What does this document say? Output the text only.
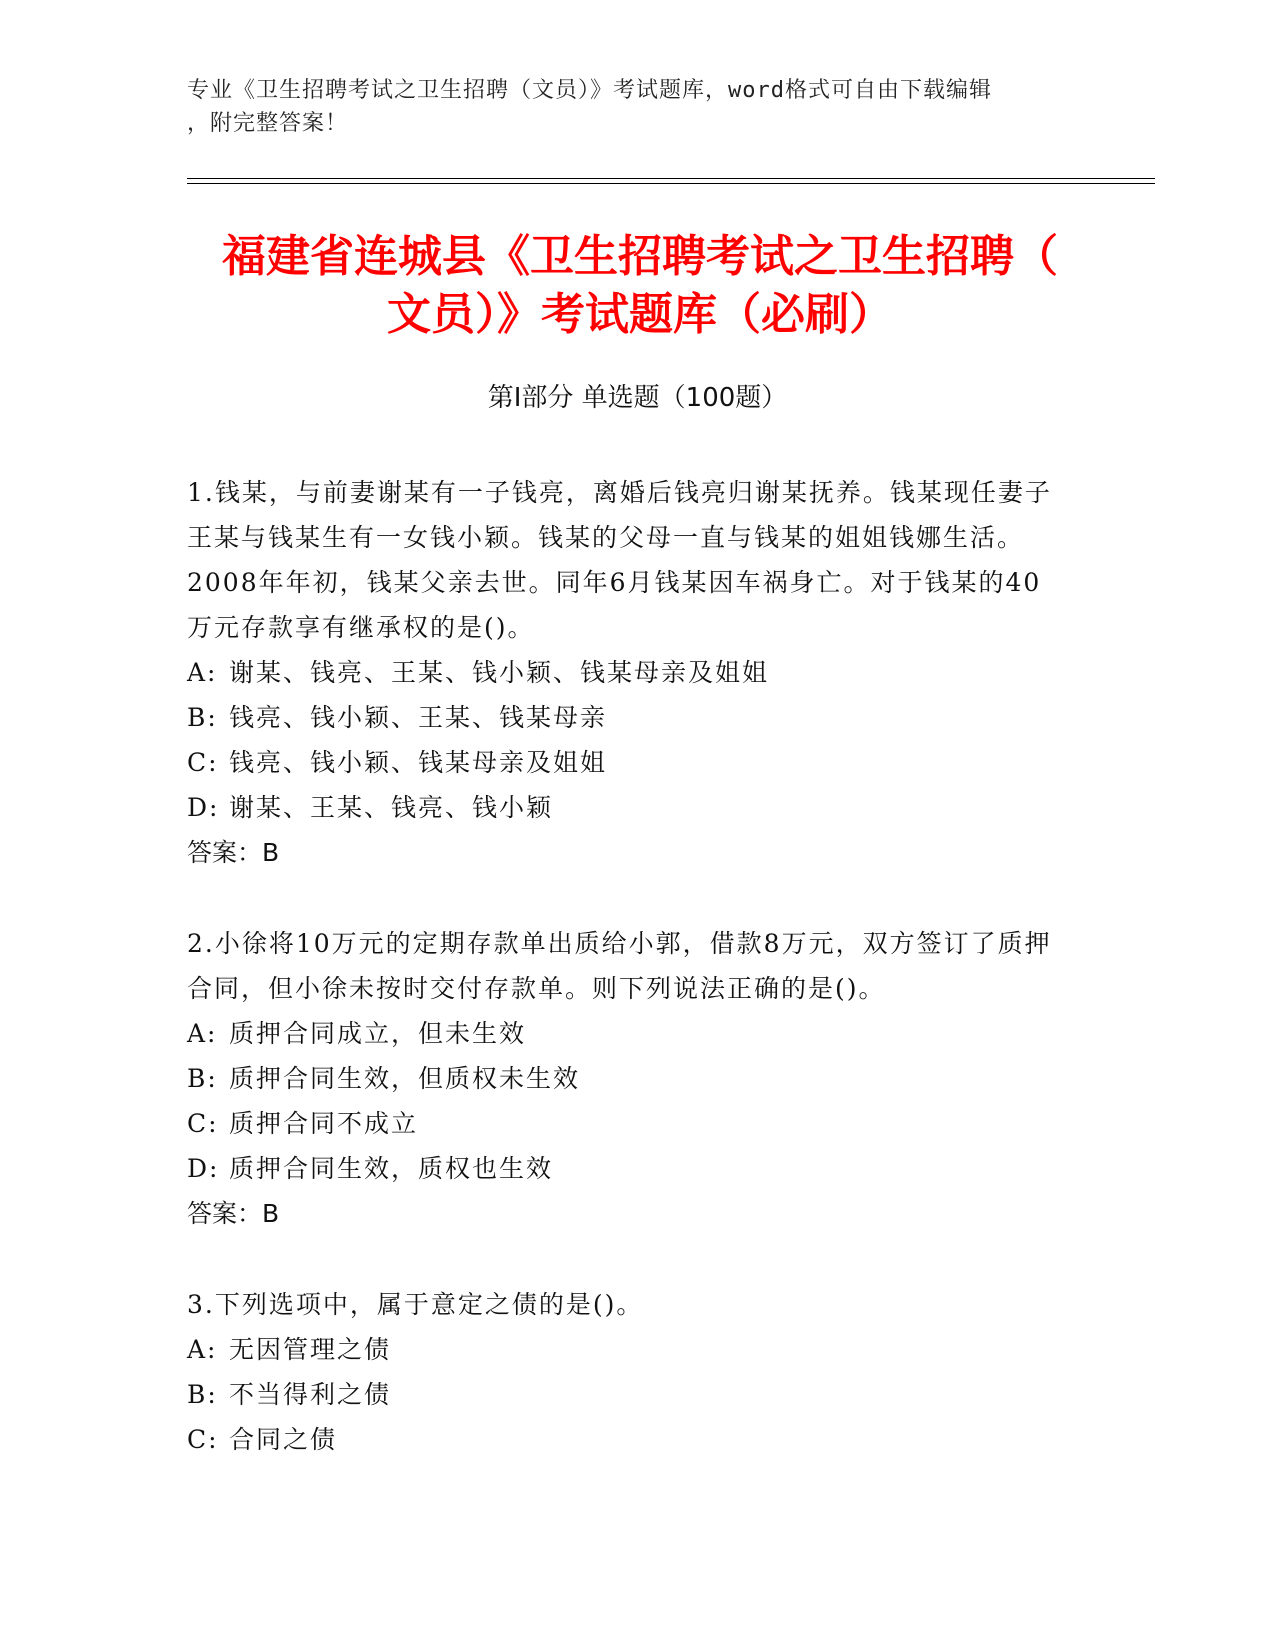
专业《卫生招聘考试之卫生招聘（文员）》考试题库，word格式可自由下载编辑
，附完整答案！
福建省连城县《卫生招聘考试之卫生招聘（
文员）》考试题库（必刷）
第Ⅰ部分 单选题（100题）
1.钱某，与前妻谢某有一子钱亮，离婚后钱亮归谢某抚养。钱某现任妻子王某与钱某生有一女钱小颖。钱某的父母一直与钱某的姐姐钱娜生活。2008年年初，钱某父亲去世。同年6月钱某因车祸身亡。对于钱某的40万元存款享有继承权的是()。
A: 谢某、钱亮、王某、钱小颖、钱某母亲及姐姐
B: 钱亮、钱小颖、王某、钱某母亲
C: 钱亮、钱小颖、钱某母亲及姐姐
D: 谢某、王某、钱亮、钱小颖
答案：B
2.小徐将10万元的定期存款单出质给小郭，借款8万元，双方签订了质押合同，但小徐未按时交付存款单。则下列说法正确的是()。
A: 质押合同成立，但未生效
B: 质押合同生效，但质权未生效
C: 质押合同不成立
D: 质押合同生效，质权也生效
答案：B
3.下列选项中，属于意定之债的是()。
A: 无因管理之债
B: 不当得利之债
C: 合同之债
